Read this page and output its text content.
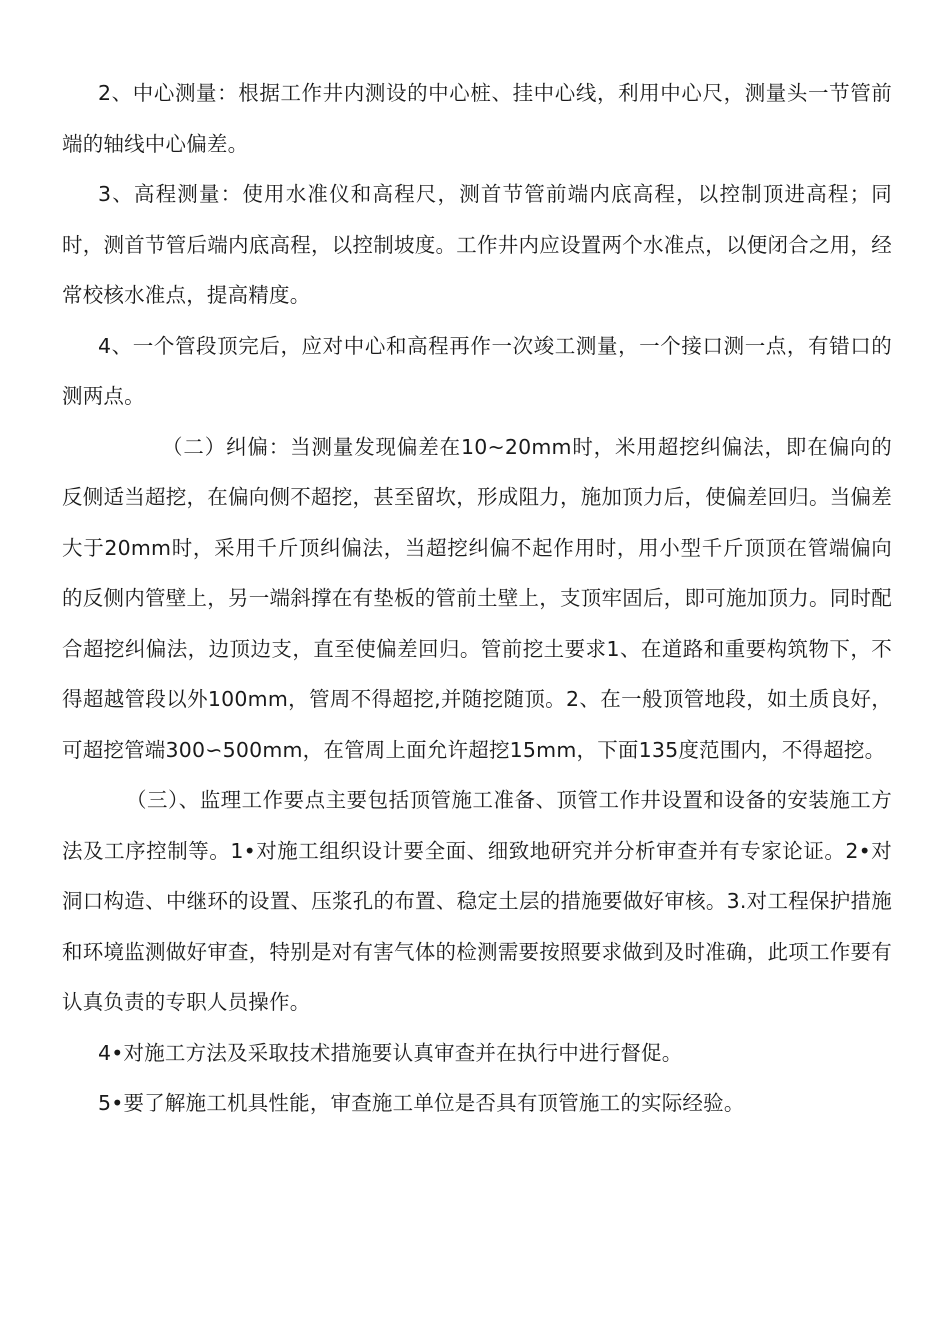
2、中心测量：根据工作井内测设的中心桩、挂中心线，利用中心尺，测量头一节管前端的轴线中心偏差。

3、高程测量：使用水准仪和高程尺，测首节管前端内底高程，以控制顶进高程；同时，测首节管后端内底高程，以控制坡度。工作井内应设置两个水准点，以便闭合之用，经常校核水准点，提高精度。

4、一个管段顶完后，应对中心和高程再作一次竣工测量，一个接口测一点，有错口的测两点。

（二）纠偏：当测量发现偏差在10~20mm时，米用超挖纠偏法，即在偏向的反侧适当超挖，在偏向侧不超挖，甚至留坎，形成阻力，施加顶力后，使偏差回归。当偏差大于20mm时，采用千斤顶纠偏法，当超挖纠偏不起作用时，用小型千斤顶顶在管端偏向的反侧内管壁上，另一端斜撑在有垫板的管前土壁上，支顶牢固后，即可施加顶力。同时配合超挖纠偏法，边顶边支，直至使偏差回归。管前挖土要求1、在道路和重要构筑物下，不得超越管段以外100mm，管周不得超挖,并随挖随顶。2、在一般顶管地段，如土质良好，可超挖管端300∽500mm，在管周上面允许超挖15mm，下面135度范围内，不得超挖。

（三）、监理工作要点主要包括顶管施工准备、顶管工作井设置和设备的安装施工方法及工序控制等。1•对施工组织设计要全面、细致地研究并分析审查并有专家论证。2•对洞口构造、中继环的设置、压浆孔的布置、稳定土层的措施要做好审核。3.对工程保护措施和环境监测做好审查，特别是对有害气体的检测需要按照要求做到及时准确，此项工作要有认真负责的专职人员操作。

4•对施工方法及采取技术措施要认真审查并在执行中进行督促。

5•要了解施工机具性能，审查施工单位是否具有顶管施工的实际经验。
